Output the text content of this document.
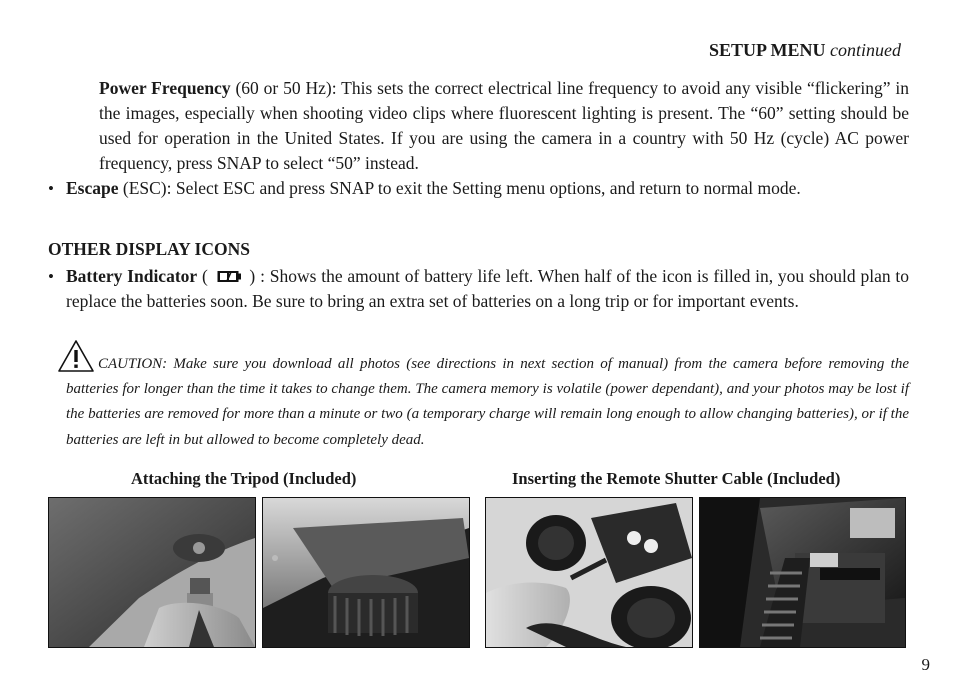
SETUP MENU continued
Power Frequency (60 or 50 Hz): This sets the correct electrical line frequency to avoid any visible “flickering” in the images, especially when shooting video clips where fluorescent lighting is present. The “60” setting should be used for operation in the United States. If you are using the camera in a country with 50 Hz (cycle) AC power frequency, press SNAP to select “50” instead.
• Escape (ESC): Select ESC and press SNAP to exit the Setting menu options, and return to normal mode.
OTHER DISPLAY ICONS
• Battery Indicator (  ) : Shows the amount of battery life left. When half of the icon is filled in, you should plan to replace the batteries soon. Be sure to bring an extra set of batteries on a long trip or for important events.
CAUTION: Make sure you download all photos (see directions in next section of manual) from the camera before removing the batteries for longer than the time it takes to change them. The camera memory is volatile (power dependant), and your photos may be lost if the batteries are removed for more than a minute or two (a temporary charge will remain long enough to allow changing batteries), or if the batteries are left in but allowed to become completely dead.
Attaching the Tripod (Included)	Inserting the Remote Shutter Cable (Included)
9
